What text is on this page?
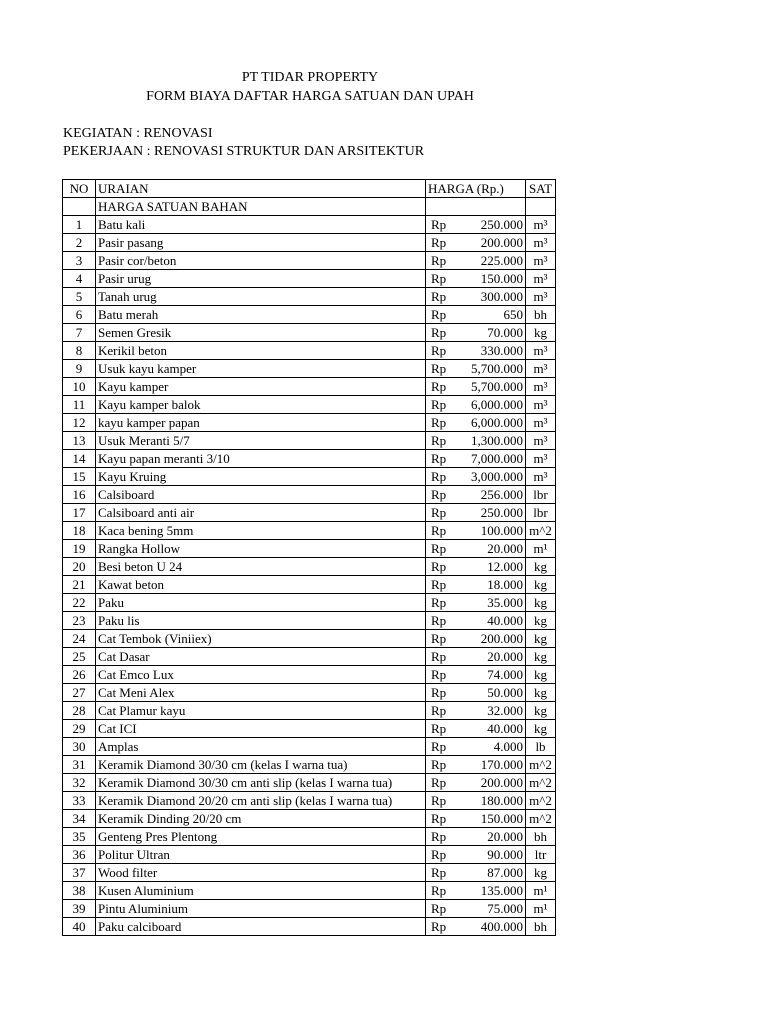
PT TIDAR PROPERTY
FORM BIAYA DAFTAR HARGA SATUAN DAN UPAH
KEGIATAN : RENOVASI
PEKERJAAN : RENOVASI STRUKTUR DAN ARSITEKTUR
NO	URAIAN	HARGA (Rp.)	SAT
	HARGA SATUAN BAHAN		
1	Batu kali	Rp 250.000	m³
2	Pasir pasang	Rp 200.000	m³
3	Pasir cor/beton	Rp 225.000	m³
4	Pasir urug	Rp 150.000	m³
5	Tanah urug	Rp 300.000	m³
6	Batu merah	Rp 650	bh
7	Semen Gresik	Rp 70.000	kg
8	Kerikil beton	Rp 330.000	m³
9	Usuk kayu kamper	Rp 5,700.000	m³
10	Kayu kamper	Rp 5,700.000	m³
11	Kayu kamper balok	Rp 6,000.000	m³
12	kayu kamper papan	Rp 6,000.000	m³
13	Usuk Meranti 5/7	Rp 1,300.000	m³
14	Kayu papan meranti 3/10	Rp 7,000.000	m³
15	Kayu Kruing	Rp 3,000.000	m³
16	Calsiboard	Rp 256.000	lbr
17	Calsiboard anti air	Rp 250.000	lbr
18	Kaca bening 5mm	Rp 100.000	m^2
19	Rangka Hollow	Rp 20.000	m¹
20	Besi beton U 24	Rp 12.000	kg
21	Kawat beton	Rp 18.000	kg
22	Paku	Rp 35.000	kg
23	Paku lis	Rp 40.000	kg
24	Cat Tembok (Viniiex)	Rp 200.000	kg
25	Cat Dasar	Rp 20.000	kg
26	Cat Emco Lux	Rp 74.000	kg
27	Cat Meni Alex	Rp 50.000	kg
28	Cat Plamur kayu	Rp 32.000	kg
29	Cat ICI	Rp 40.000	kg
30	Amplas	Rp 4.000	lb
31	Keramik Diamond 30/30 cm (kelas I warna tua)	Rp 170.000	m^2
32	Keramik Diamond 30/30 cm anti slip (kelas I warna tua)	Rp 200.000	m^2
33	Keramik Diamond 20/20 cm anti slip (kelas I warna tua)	Rp 180.000	m^2
34	Keramik Dinding 20/20 cm	Rp 150.000	m^2
35	Genteng Pres Plentong	Rp 20.000	bh
36	Politur Ultran	Rp 90.000	ltr
37	Wood filter	Rp 87.000	kg
38	Kusen Aluminium	Rp 135.000	m¹
39	Pintu Aluminium	Rp 75.000	m¹
40	Paku calciboard	Rp 400.000	bh
